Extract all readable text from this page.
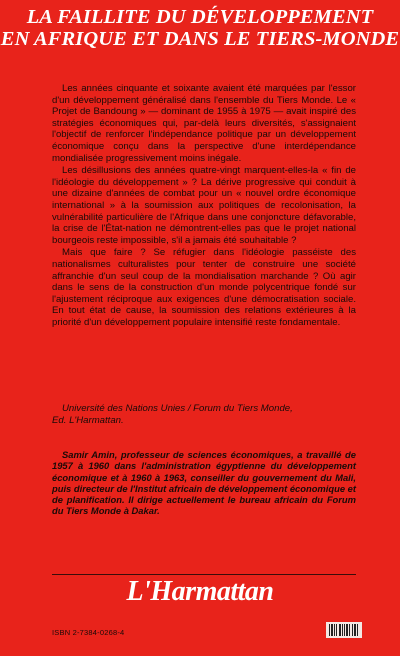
LA FAILLITE DU DÉVELOPPEMENT
EN AFRIQUE ET DANS LE TIERS-MONDE

Les années cinquante et soixante avaient été marquées par l'essor d'un développement généralisé dans l'ensemble du Tiers Monde. Le « Projet de Bandoung » — dominant de 1955 à 1975 — avait inspiré des stratégies économiques qui, par-delà leurs diversités, s'assignaient l'objectif de renforcer l'indépendance politique par un développement économique conçu dans la perspective d'une interdépendance mondialisée progressivement moins inégale.

Les désillusions des années quatre-vingt marquent-elles-la « fin de l'idéologie du développement » ? La dérive progressive qui conduit à une dizaine d'années de combat pour un « nouvel ordre économique international » à la soumission aux politiques de recolonisation, la vulnérabilité particulière de l'Afrique dans une conjoncture défavorable, la crise de l'État-nation ne démontrent-elles pas que le projet national bourgeois reste impossible, s'il a jamais été souhaitable ?

Mais que faire ? Se réfugier dans l'idéologie passéiste des nationalismes culturalistes pour tenter de construire une société affranchie d'un seul coup de la mondialisation marchande ? Où agir dans le sens de la construction d'un monde polycentrique fondé sur l'ajustement réciproque aux exigences d'une démocratisation sociale. En tout état de cause, la soumission des relations extérieures à la priorité d'un développement populaire intensifié reste fondamentale.

Université des Nations Unies / Forum du Tiers Monde,
Ed. L'Harmattan.

Samir Amin, professeur de sciences économiques, a travaillé de 1957 à 1960 dans l'administration égyptienne du développement économique et à 1960 à 1963, conseiller du gouvernement du Mali, puis directeur de l'Institut africain de développement économique et de planification. Il dirige actuellement le bureau africain du Forum du Tiers Monde à Dakar.

L'Harmattan
ISBN 2-7384-0268-4
